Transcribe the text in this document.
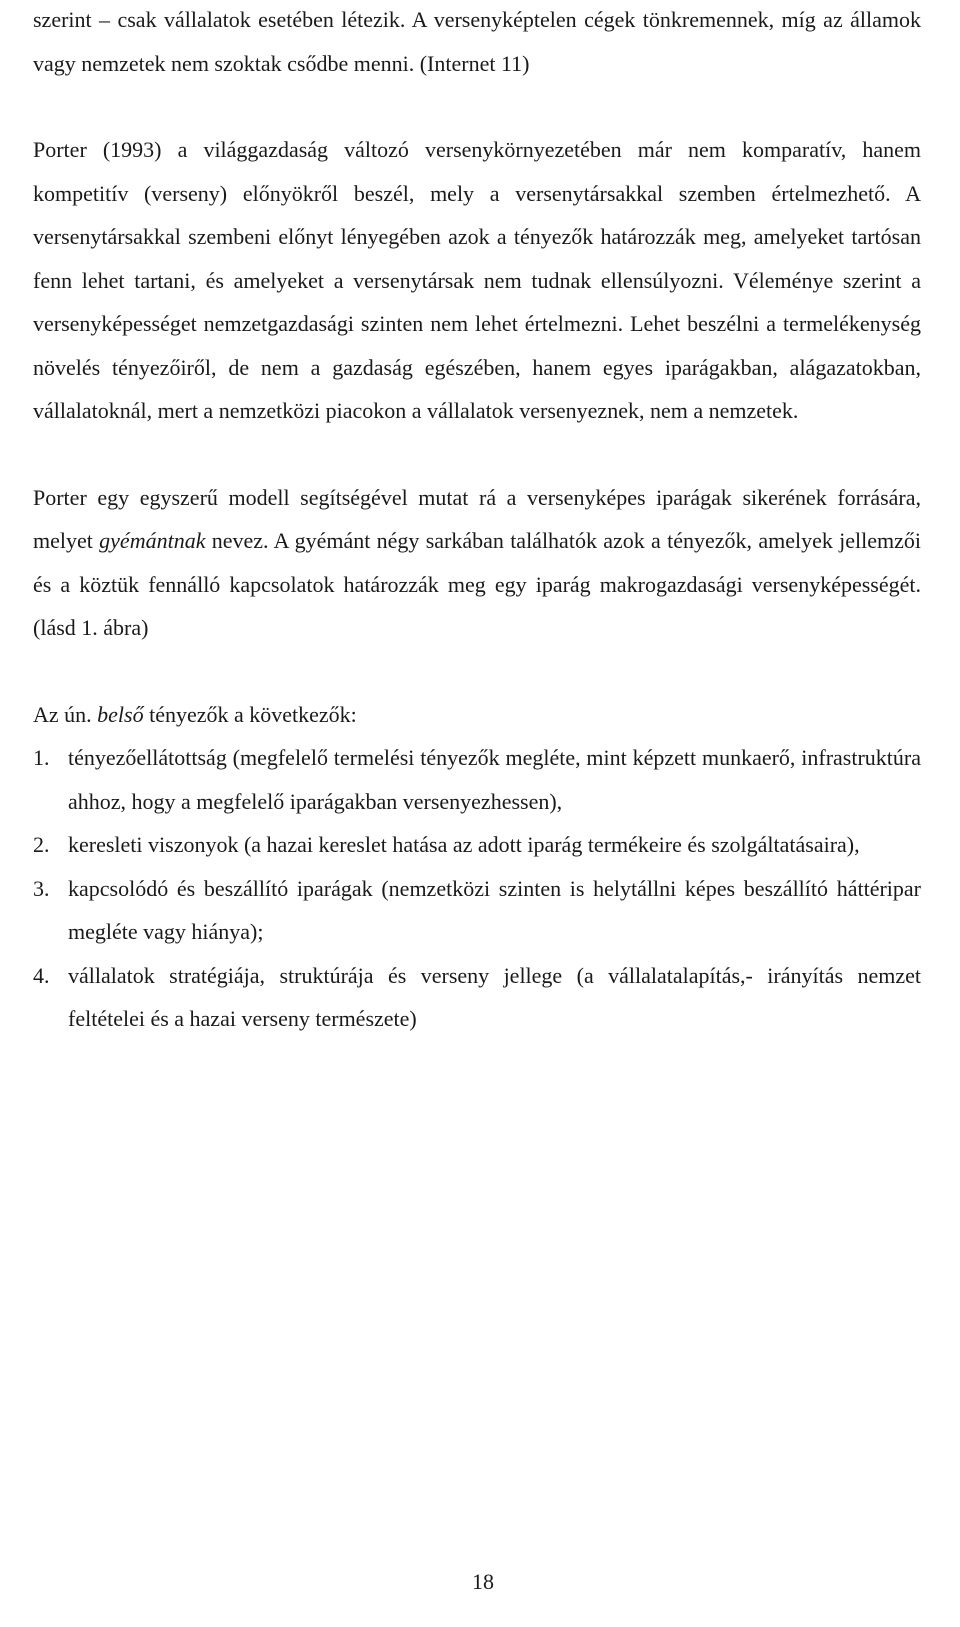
szerint – csak vállalatok esetében létezik. A versenyképtelen cégek tönkremennek, míg az államok vagy nemzetek nem szoktak csődbe menni. (Internet 11)

Porter (1993) a világgazdaság változó versenykörnyezetében már nem komparatív, hanem kompetitív (verseny) előnyökről beszél, mely a versenytársakkal szemben értelmezhető. A versenytársakkal szembeni előnyt lényegében azok a tényezők határozzák meg, amelyeket tartósan fenn lehet tartani, és amelyeket a versenytársak nem tudnak ellensúlyozni. Véleménye szerint a versenyképességet nemzetgazdasági szinten nem lehet értelmezni. Lehet beszélni a termelékenység növelés tényezőiről, de nem a gazdaság egészében, hanem egyes iparágakban, alágazatokban, vállalatoknál, mert a nemzetközi piacokon a vállalatok versenyeznek, nem a nemzetek.

Porter egy egyszerű modell segítségével mutat rá a versenyképes iparágak sikerének forrására, melyet gyémántnak nevez. A gyémánt négy sarkában találhatók azok a tényezők, amelyek jellemzői és a köztük fennálló kapcsolatok határozzák meg egy iparág makrogazdasági versenyképességét. (lásd 1. ábra)

Az ún. belső tényezők a következők:

1. tényezőellátottság (megfelelő termelési tényezők megléte, mint képzett munkaerő, infrastruktúra ahhoz, hogy a megfelelő iparágakban versenyezhessen),
2. keresleti viszonyok (a hazai kereslet hatása az adott iparág termékeire és szolgáltatásaira),
3. kapcsolódó és beszállító iparágak (nemzetközi szinten is helytállni képes beszállító háttéripar megléte vagy hiánya);
4. vállalatok stratégiája, struktúrája és verseny jellege (a vállalatalapítás,- irányítás nemzet feltételei és a hazai verseny természete)
18
